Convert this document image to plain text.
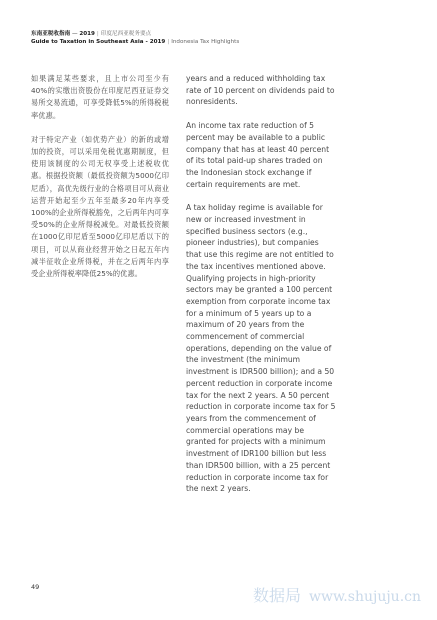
东南亚税收指南 — 2019 | 印度尼西亚税务要点
Guide to Taxation in Southeast Asia - 2019 | Indonesia Tax Highlights

如果满足某些要求，且上市公司至少有40%的实缴出资股份在印度尼西亚证券交易所交易流通，可享受降低5%的所得税税率优惠。

对于特定产业（如优势产业）的新的或增加的投资，可以采用免税优惠期制度，但使用该制度的公司无权享受上述税收优惠。根据投资额（最低投资额为5000亿印尼盾），高优先级行业的合格项目可从商业运营开始起至少五年至最多20年内享受100%的企业所得税豁免，之后两年内可享受50%的企业所得税减免。对最低投资额在1000亿印尼盾至5000亿印尼盾以下的项目，可以从商业经营开始之日起五年内减半征收企业所得税，并在之后两年内享受企业所得税率降低25%的优惠。

years and a reduced withholding tax rate of 10 percent on dividends paid to nonresidents.

An income tax rate reduction of 5 percent may be available to a public company that has at least 40 percent of its total paid-up shares traded on the Indonesian stock exchange if certain requirements are met.

A tax holiday regime is available for new or increased investment in specified business sectors (e.g., pioneer industries), but companies that use this regime are not entitled to the tax incentives mentioned above. Qualifying projects in high-priority sectors may be granted a 100 percent exemption from corporate income tax for a minimum of 5 years up to a maximum of 20 years from the commencement of commercial operations, depending on the value of the investment (the minimum investment is IDR500 billion); and a 50 percent reduction in corporate income tax for the next 2 years. A 50 percent reduction in corporate income tax for 5 years from the commencement of commercial operations may be granted for projects with a minimum investment of IDR100 billion but less than IDR500 billion, with a 25 percent reduction in corporate income tax for the next 2 years.

49	数据局 www.shujuju.cn
